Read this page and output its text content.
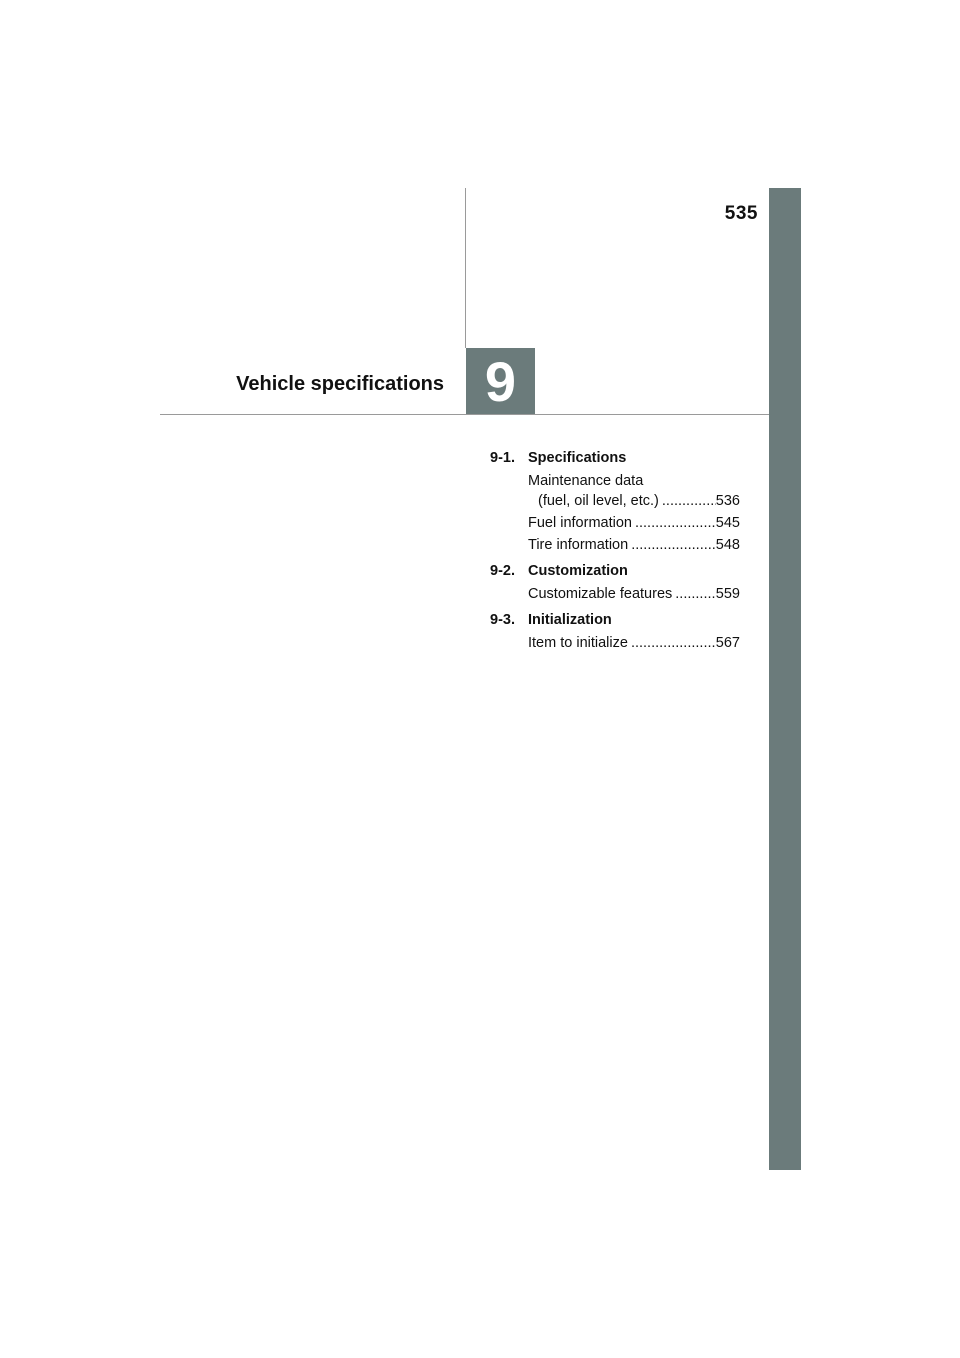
535
9
Vehicle specifications
9-1. Specifications
Maintenance data
(fuel, oil level, etc.) .....	536
Fuel information .....	545
Tire information .....	548
9-2. Customization
Customizable features .....	559
9-3. Initialization
Item to initialize .....	567
